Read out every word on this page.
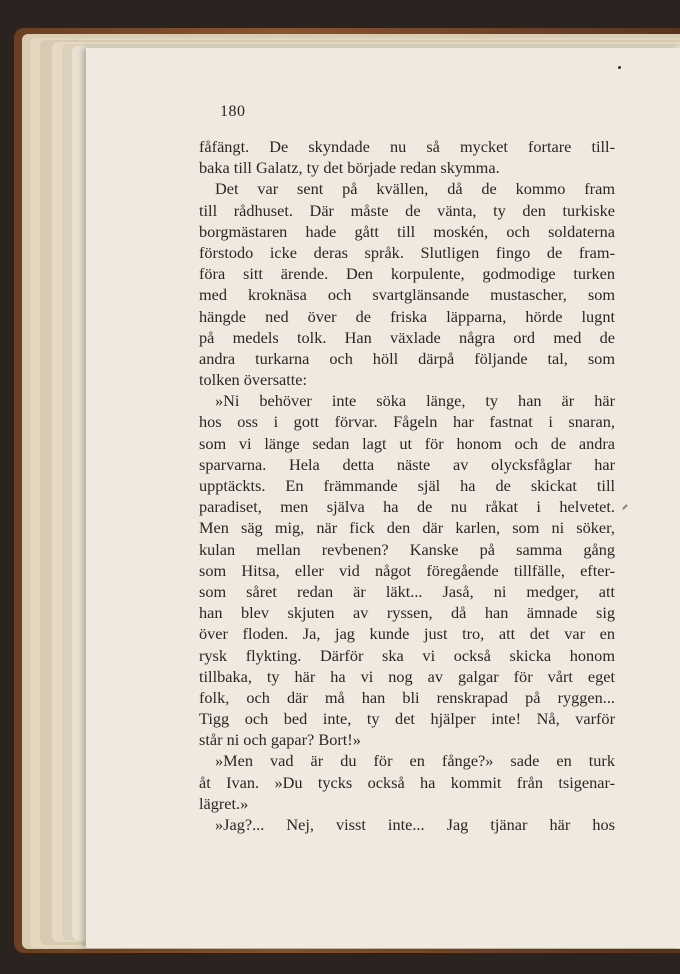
180
fåfängt. De skyndade nu så mycket fortare till-
baka till Galatz, ty det började redan skymma.
Det var sent på kvällen, då de kommo fram
till rådhuset. Där måste de vänta, ty den turkiske
borgmästaren hade gått till moskén, och soldaterna
förstodo icke deras språk. Slutligen fingo de fram-
föra sitt ärende. Den korpulente, godmodige turken
med kroknäsa och svartglänsande mustascher, som
hängde ned över de friska läpparna, hörde lugnt
på medels tolk. Han växlade några ord med de
andra turkarna och höll därpå följande tal, som
tolken översatte:
»Ni behöver inte söka länge, ty han är här
hos oss i gott förvar. Fågeln har fastnat i snaran,
som vi länge sedan lagt ut för honom och de andra
sparvarna. Hela detta näste av olycksfåglar har
upptäckts. En främmande själ ha de skickat till
paradiset, men själva ha de nu råkat i helvetet.
Men säg mig, när fick den där karlen, som ni söker,
kulan mellan revbenen? Kanske på samma gång
som Hitsa, eller vid något föregående tillfälle, efter-
som såret redan är läkt... Jaså, ni medger, att
han blev skjuten av ryssen, då han ämnade sig
över floden. Ja, jag kunde just tro, att det var en
rysk flykting. Därför ska vi också skicka honom
tillbaka, ty här ha vi nog av galgar för vårt eget
folk, och där må han bli renskrapad på ryggen...
Tigg och bed inte, ty det hjälper inte! Nå, varför
står ni och gapar? Bort!»
»Men vad är du för en fånge?» sade en turk
åt Ivan. »Du tycks också ha kommit från tsigenar-
lägret.»
»Jag?... Nej, visst inte... Jag tjänar här hos
